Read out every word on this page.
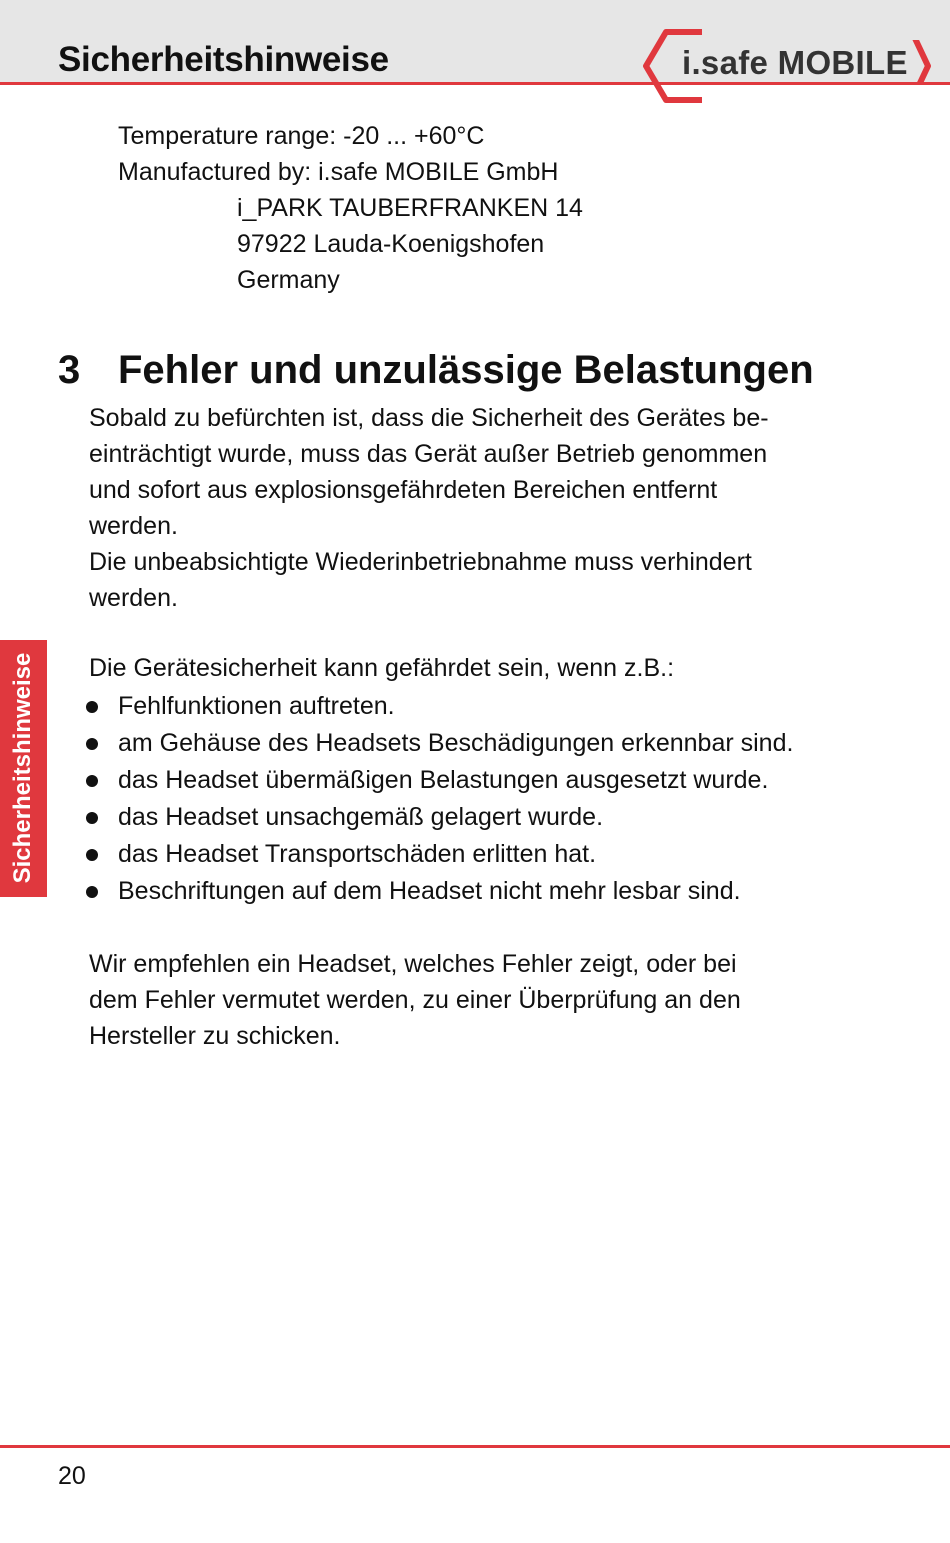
Sicherheitshinweise	i.safe MOBILE
Temperature range: -20 ... +60°C
Manufactured by: i.safe MOBILE GmbH
i_PARK TAUBERFRANKEN 14
97922 Lauda-Koenigshofen
Germany
3 Fehler und unzulässige Belastungen
Sobald zu befürchten ist, dass die Sicherheit des Gerätes be-
einträchtigt wurde, muss das Gerät außer Betrieb genommen
und sofort aus explosionsgefährdeten Bereichen entfernt
werden.
Die unbeabsichtigte Wiederinbetriebnahme muss verhindert
werden.
Die Gerätesicherheit kann gefährdet sein, wenn z.B.:
Fehlfunktionen auftreten.
am Gehäuse des Headsets Beschädigungen erkennbar sind.
das Headset übermäßigen Belastungen ausgesetzt wurde.
das Headset unsachgemäß gelagert wurde.
das Headset Transportschäden erlitten hat.
Beschriftungen auf dem Headset nicht mehr lesbar sind.
Wir empfehlen ein Headset, welches Fehler zeigt, oder bei
dem Fehler vermutet werden, zu einer Überprüfung an den
Hersteller zu schicken.
Sicherheitshinweise
20
